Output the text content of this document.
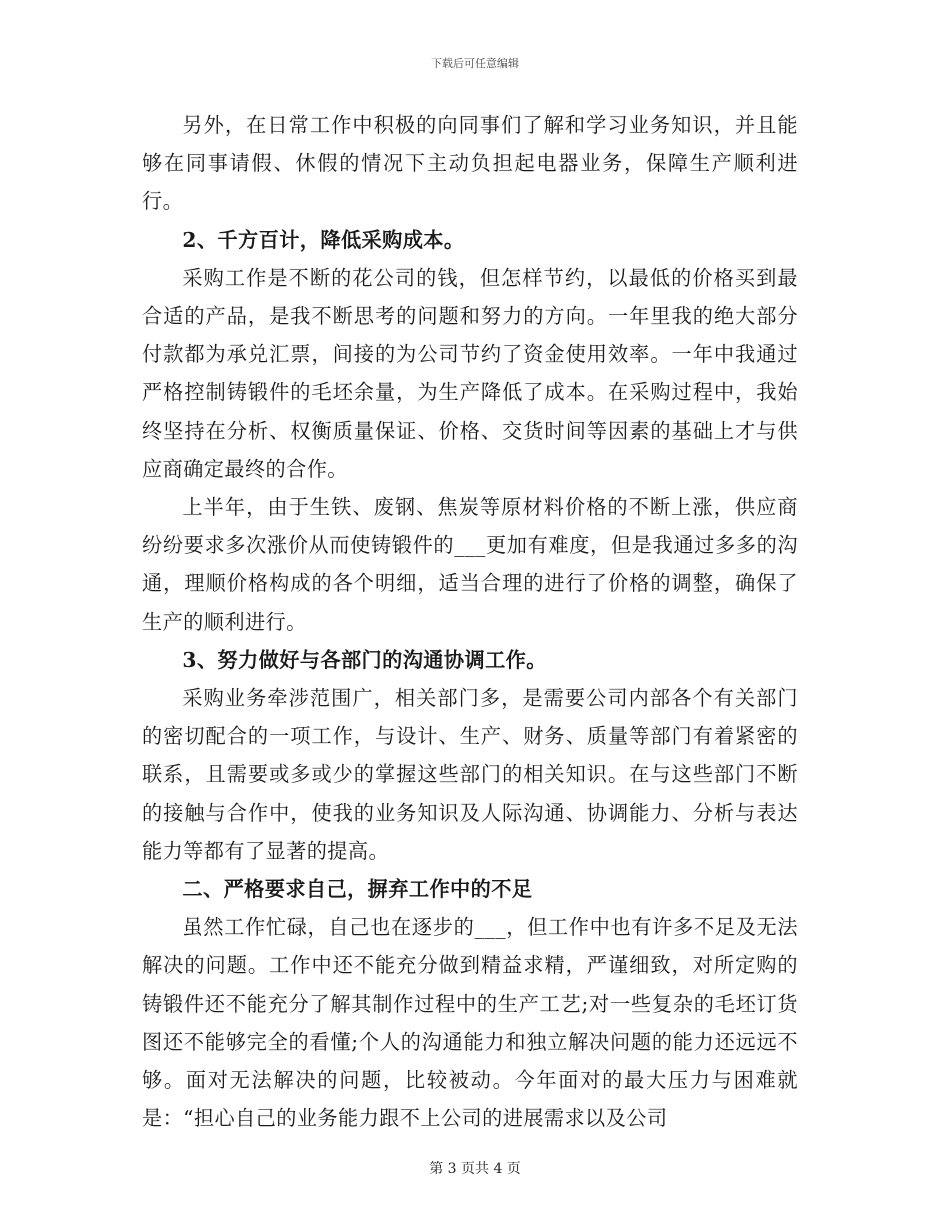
下载后可任意编辑

另外，在日常工作中积极的向同事们了解和学习业务知识，并且能够在同事请假、休假的情况下主动负担起电器业务，保障生产顺利进行。

2、千方百计，降低采购成本。

采购工作是不断的花公司的钱，但怎样节约，以最低的价格买到最合适的产品，是我不断思考的问题和努力的方向。一年里我的绝大部分付款都为承兑汇票，间接的为公司节约了资金使用效率。一年中我通过严格控制铸锻件的毛坯余量，为生产降低了成本。在采购过程中，我始终坚持在分析、权衡质量保证、价格、交货时间等因素的基础上才与供应商确定最终的合作。

上半年，由于生铁、废钢、焦炭等原材料价格的不断上涨，供应商纷纷要求多次涨价从而使铸锻件的___更加有难度，但是我通过多多的沟通，理顺价格构成的各个明细，适当合理的进行了价格的调整，确保了生产的顺利进行。

3、努力做好与各部门的沟通协调工作。

采购业务牵涉范围广，相关部门多，是需要公司内部各个有关部门的密切配合的一项工作，与设计、生产、财务、质量等部门有着紧密的联系，且需要或多或少的掌握这些部门的相关知识。在与这些部门不断的接触与合作中，使我的业务知识及人际沟通、协调能力、分析与表达能力等都有了显著的提高。

二、严格要求自己，摒弃工作中的不足

虽然工作忙碌，自己也在逐步的___，但工作中也有许多不足及无法解决的问题。工作中还不能充分做到精益求精，严谨细致，对所定购的铸锻件还不能充分了解其制作过程中的生产工艺;对一些复杂的毛坯订货图还不能够完全的看懂;个人的沟通能力和独立解决问题的能力还远远不够。面对无法解决的问题，比较被动。今年面对的最大压力与困难就是：“担心自己的业务能力跟不上公司的进展需求以及公司

第 3 页共 4 页
